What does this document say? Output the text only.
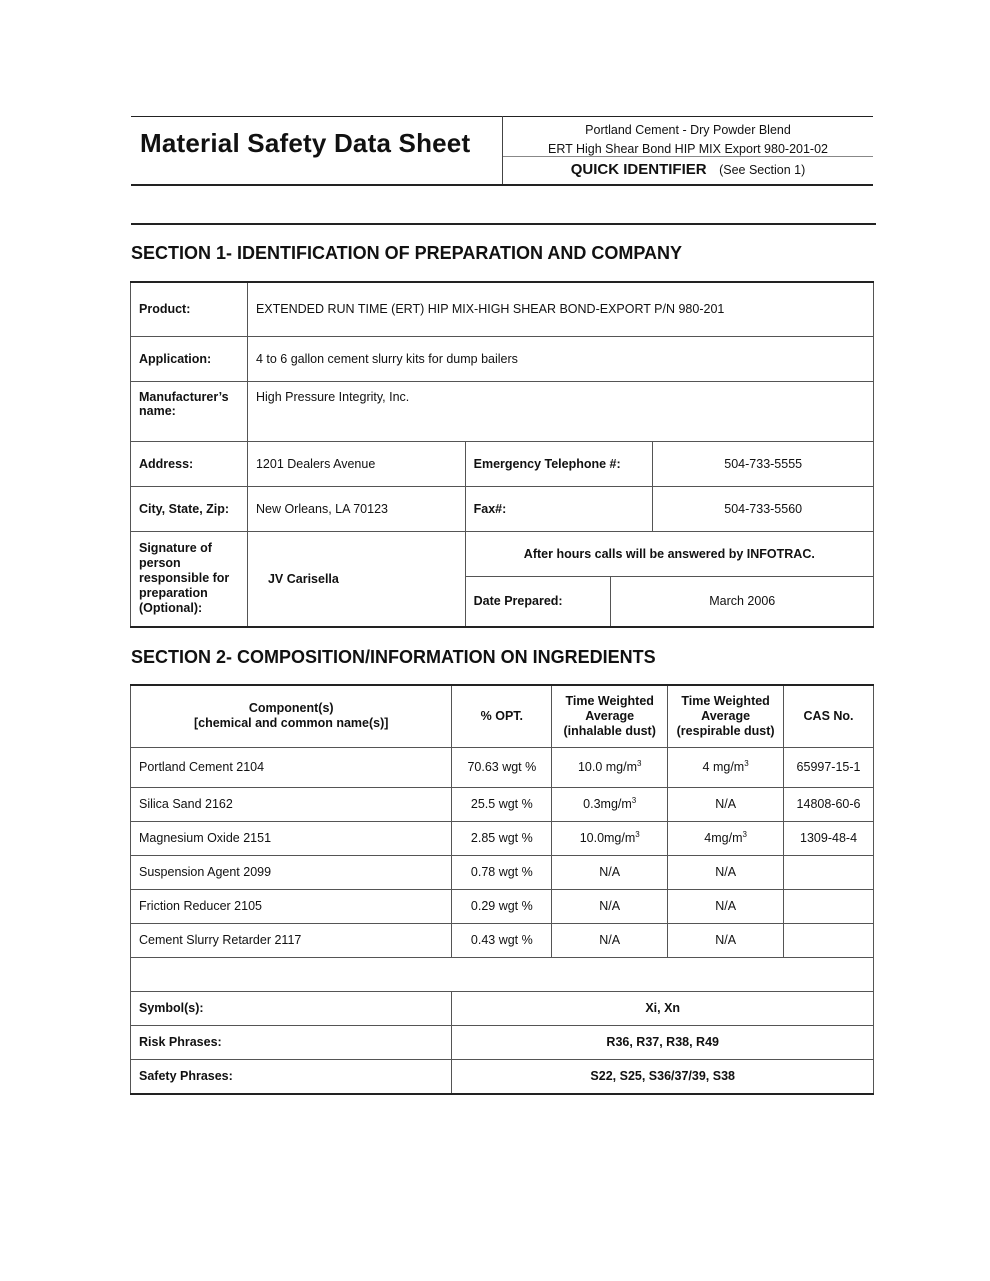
Material Safety Data Sheet	Portland Cement - Dry Powder Blend
ERT High Shear Bond HIP MIX Export 980-201-02
QUICK IDENTIFIER (See Section 1)
SECTION 1- IDENTIFICATION OF PREPARATION AND COMPANY
Product:	EXTENDED RUN TIME (ERT) HIP MIX-HIGH SHEAR BOND-EXPORT P/N 980-201			
Application:	4 to 6 gallon cement slurry kits for dump bailers			
Manufacturer’s name:	High Pressure Integrity, Inc.			
Address:	1201 Dealers Avenue	Emergency Telephone #:		504-733-5555
City, State, Zip:	New Orleans, LA 70123	Fax#:		504-733-5560
Signature of person responsible for preparation (Optional):	JV Carisella	After hours calls will be answered by INFOTRAC.		
		Date Prepared:	March 2006	
SECTION 2- COMPOSITION/INFORMATION ON INGREDIENTS
Component(s)
[chemical and common name(s)]	% OPT.	Time Weighted Average (inhalable dust)	Time Weighted Average (respirable dust)	CAS No.
Portland Cement 2104	70.63 wgt %	10.0 $mg/m^3$	4 $mg/m^3$	65997-15-1
Silica Sand 2162	25.5 wgt %	$0.3mg/m^3$	N/A	14808-60-6
Magnesium Oxide 2151	2.85 wgt %	$10.0mg/m^3$	$4mg/m^3$	1309-48-4
Suspension Agent 2099	0.78 wgt %	N/A	N/A	
Friction Reducer 2105	0.29 wgt %	N/A	N/A	
Cement Slurry Retarder 2117	0.43 wgt %	N/A	N/A	

Symbol(s):	Xi, Xn			
Risk Phrases:	R36, R37, R38, R49			
Safety Phrases:	S22, S25, S36/37/39, S38			
